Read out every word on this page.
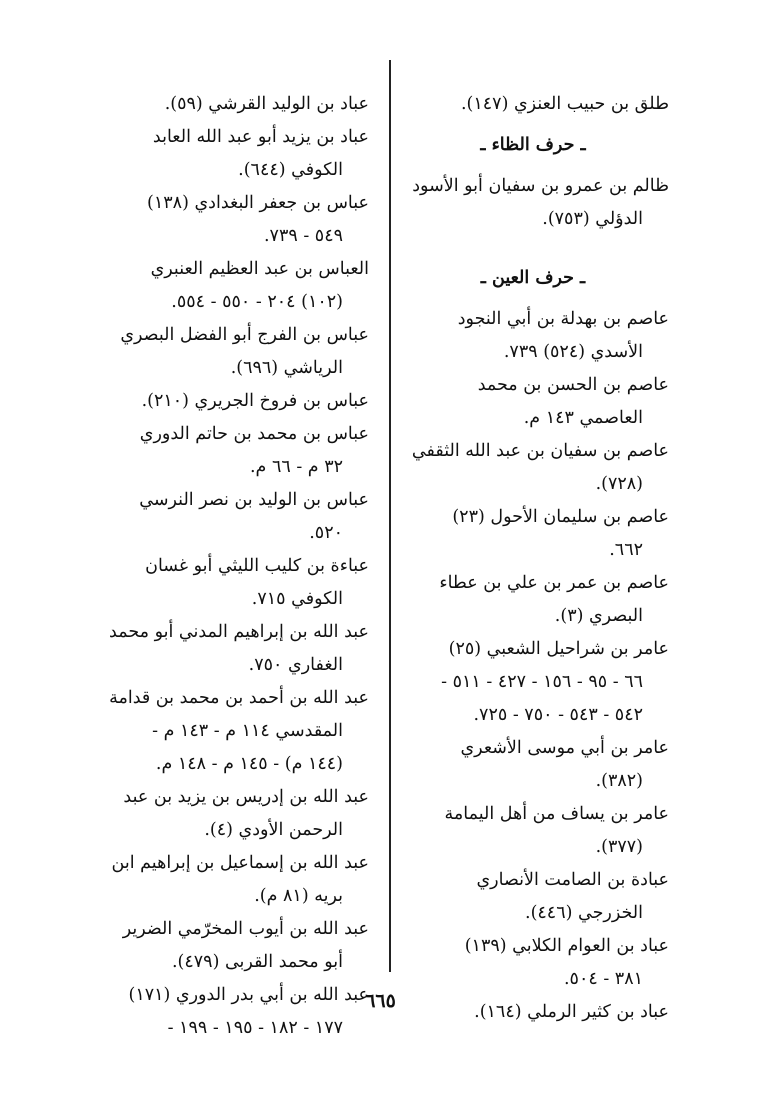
طلق بن حبيب العنزي (١٤٧).
ـ حرف الظاء ـ
ظالم بن عمرو بن سفيان أبو الأسود
الدؤلي (٧٥٣).
ـ حرف العين ـ
عاصم بن بهدلة بن أبي النجود
الأسدي (٥٢٤) ٧٣٩.
عاصم بن الحسن بن محمد
العاصمي ١٤٣ م.
عاصم بن سفيان بن عبد الله الثقفي
(٧٢٨).
عاصم بن سليمان الأحول (٢٣)
٦٦٢.
عاصم بن عمر بن علي بن عطاء
البصري (٣).
عامر بن شراحيل الشعبي (٢٥)
٦٦ - ٩٥ - ١٥٦ - ٤٢٧ - ٥١١ -
٥٤٢ - ٥٤٣ - ٧٥٠ - ٧٢٥.
عامر بن أبي موسى الأشعري
(٣٨٢).
عامر بن يساف من أهل اليمامة
(٣٧٧).
عبادة بن الصامت الأنصاري
الخزرجي (٤٤٦).
عباد بن العوام الكلابي (١٣٩)
٣٨١ - ٥٠٤.
عباد بن كثير الرملي (١٦٤).
عباد بن الوليد القرشي (٥٩).
عباد بن يزيد أبو عبد الله العابد
الكوفي (٦٤٤).
عباس بن جعفر البغدادي (١٣٨)
٥٤٩ - ٧٣٩.
العباس بن عبد العظيم العنبري
(١٠٢) ٢٠٤ - ٥٥٠ - ٥٥٤.
عباس بن الفرج أبو الفضل البصري
الرياشي (٦٩٦).
عباس بن فروخ الجريري (٢١٠).
عباس بن محمد بن حاتم الدوري
٣٢ م - ٦٦ م.
عباس بن الوليد بن نصر النرسي
٥٢٠.
عباءة بن كليب الليثي أبو غسان
الكوفي ٧١٥.
عبد الله بن إبراهيم المدني أبو محمد
الغفاري ٧٥٠.
عبد الله بن أحمد بن محمد بن قدامة
المقدسي ١١٤ م - ١٤٣ م -
(١٤٤ م) - ١٤٥ م - ١٤٨ م.
عبد الله بن إدريس بن يزيد بن عبد
الرحمن الأودي (٤).
عبد الله بن إسماعيل بن إبراهيم ابن
بريه (٨١ م).
عبد الله بن أيوب المخرّمي الضرير
أبو محمد القربى (٤٧٩).
عبد الله بن أبي بدر الدوري (١٧١)
١٧٧ - ١٨٢ - ١٩٥ - ١٩٩ -
٦٦٥
